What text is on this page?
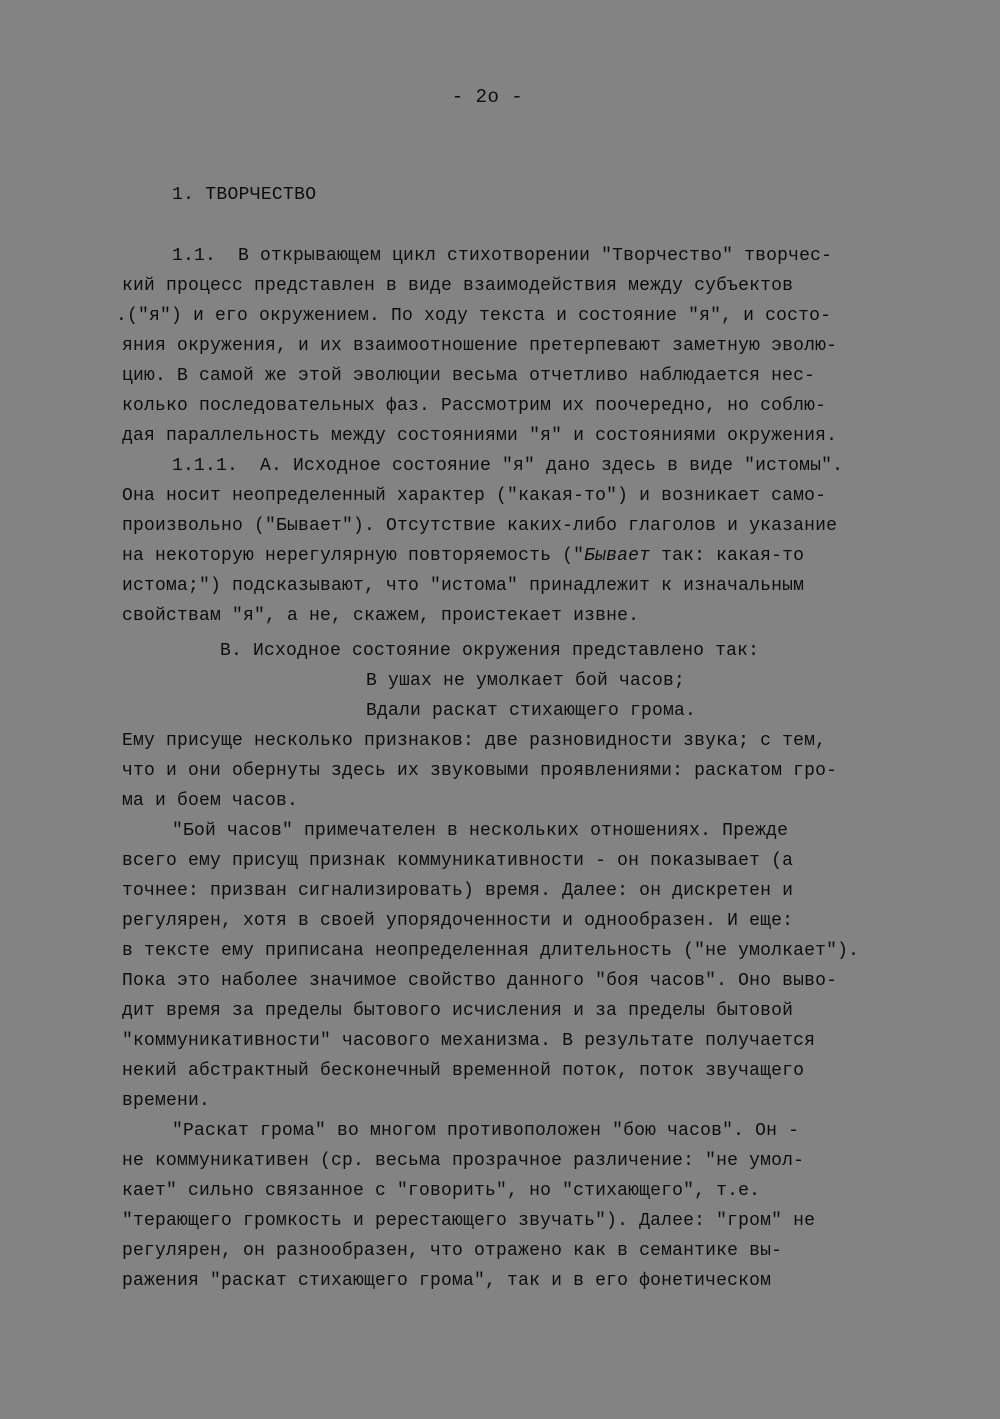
- 2о -
1. ТВОРЧЕСТВО
1.1.  В открывающем цикл стихотворении "Творчество" творчес-
кий процесс представлен в виде взаимодействия между субъектов
.("я") и его окружением. По ходу текста и состояние "я", и состо-
яния окружения, и их взаимоотношение претерпевают заметную эволю-
цию. В самой же этой эволюции весьма отчетливо наблюдается нес-
колько последовательных фаз. Рассмотрим их поочередно, но соблю-
дая параллельность между состояниями "я" и состояниями окружения.
1.1.1.  А. Исходное состояние "я" дано здесь в виде "истомы".
Она носит неопределенный характер ("какая-то") и возникает само-
произвольно ("Бывает"). Отсутствие каких-либо глаголов и указание
на некоторую нерегулярную повторяемость ("Бывает так: какая-то
истома;") подсказывают, что "истома" принадлежит к изначальным
свойствам "я", а не, скажем, проистекает извне.
В. Исходное состояние окружения представлено так:
В ушах не умолкает бой часов;
Вдали раскат стихающего грома.
Ему присуще несколько признаков: две разновидности звука; с тем,
что и они обернуты здесь их звуковыми проявлениями: раскатом гро-
ма и боем часов.
"Бой часов" примечателен в нескольких отношениях. Прежде
всего ему присущ признак коммуникативности - он показывает (а
точнее: призван сигнализировать) время. Далее: он дискретен и
регулярен, хотя в своей упорядоченности и однообразен. И еще:
в тексте ему приписана неопределенная длительность ("не умолкает").
Пока это наболее значимое свойство данного "боя часов". Оно выво-
дит время за пределы бытового исчисления и за пределы бытовой
"коммуникативности" часового механизма. В результате получается
некий абстрактный бесконечный временной поток, поток звучащего
времени.
"Раскат грома" во многом противоположен "бою часов". Он -
не коммуникативен (ср. весьма прозрачное различение: "не умол-
кает" сильно связанное с "говорить", но "стихающего", т.е.
"терающего громкость и ререстающего звучать"). Далее: "гром" не
регулярен, он разнообразен, что отражено как в семантике вы-
ражения "раскат стихающего грома", так и в его фонетическом
